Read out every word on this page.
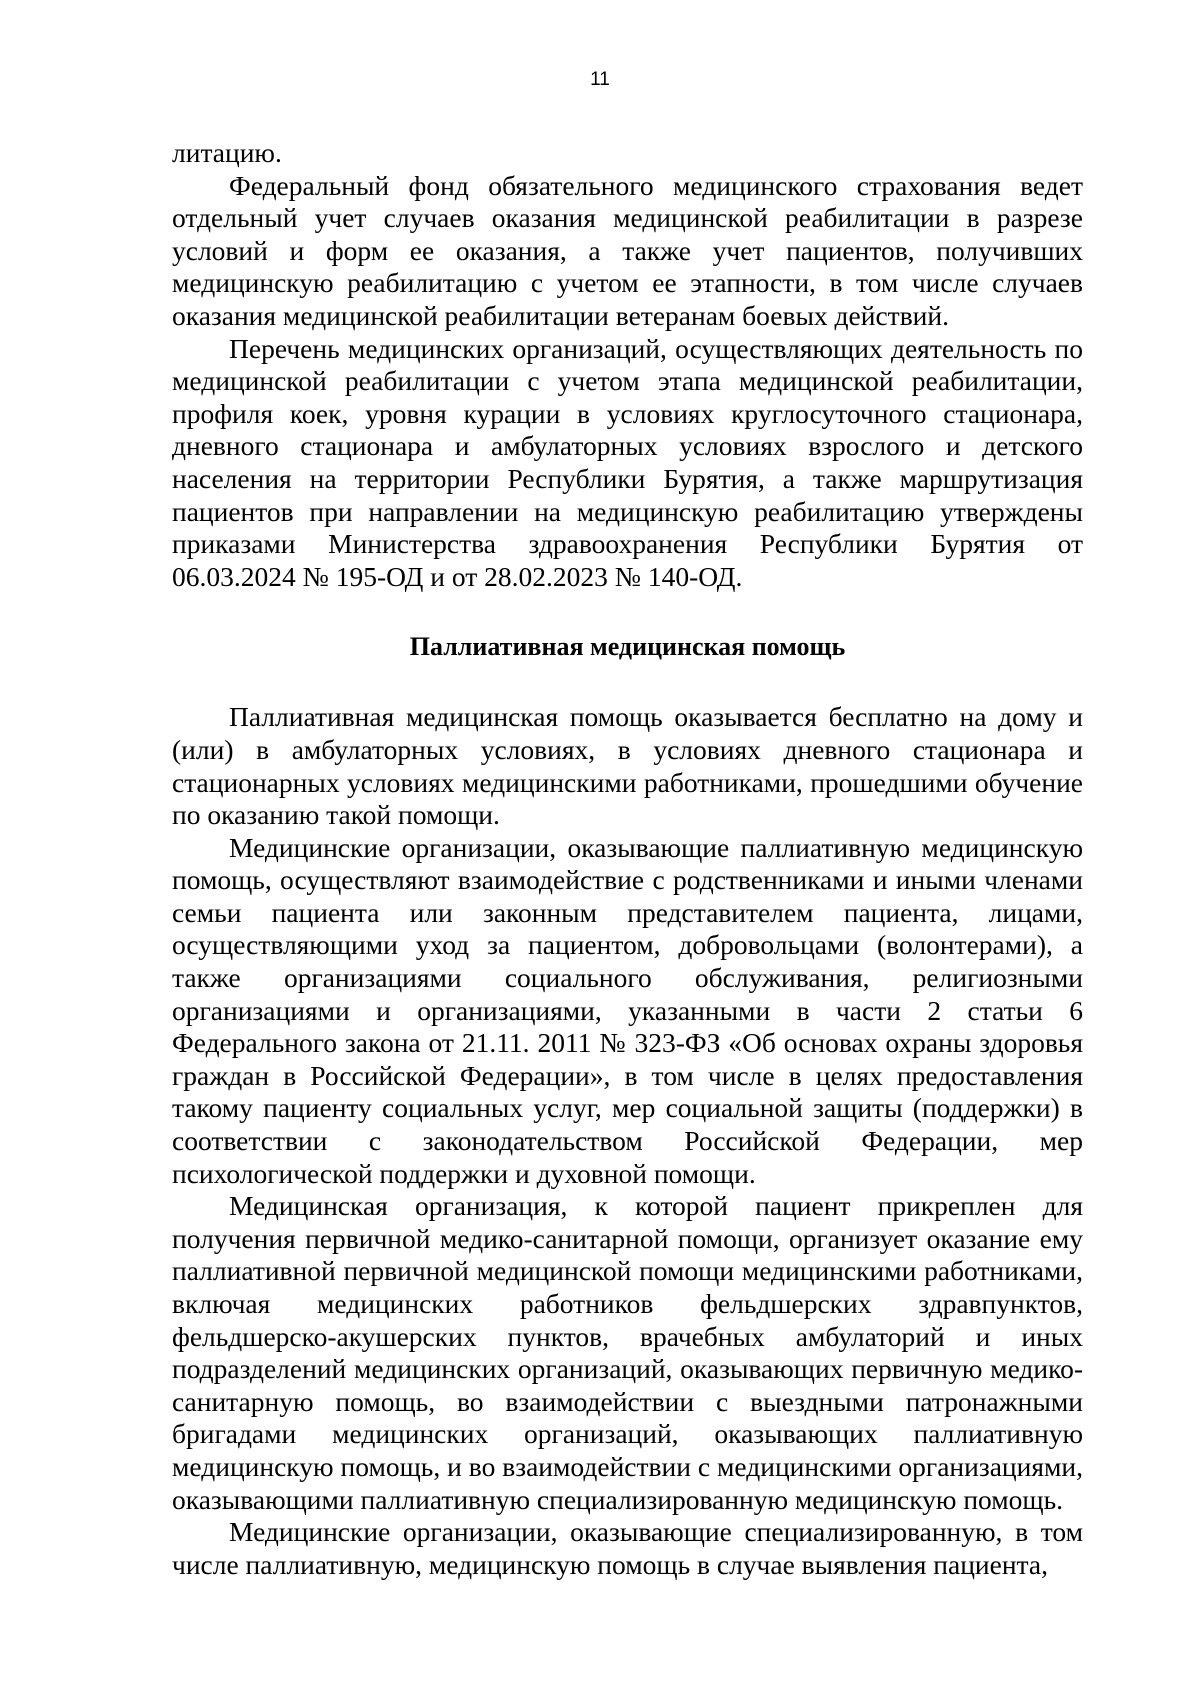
11

литацию.

Федеральный фонд обязательного медицинского страхования ведет отдельный учет случаев оказания медицинской реабилитации в разрезе условий и форм ее оказания, а также учет пациентов, получивших медицинскую реабилитацию с учетом ее этапности, в том числе случаев оказания медицинской реабилитации ветеранам боевых действий.

Перечень медицинских организаций, осуществляющих деятельность по медицинской реабилитации с учетом этапа медицинской реабилитации, профиля коек, уровня курации в условиях круглосуточного стационара, дневного стационара и амбулаторных условиях взрослого и детского населения на территории Республики Бурятия, а также маршрутизация пациентов при направлении на медицинскую реабилитацию утверждены приказами Министерства здравоохранения Республики Бурятия от 06.03.2024 № 195-ОД и от 28.02.2023 № 140-ОД.

Паллиативная медицинская помощь

Паллиативная медицинская помощь оказывается бесплатно на дому и (или) в амбулаторных условиях, в условиях дневного стационара и стационарных условиях медицинскими работниками, прошедшими обучение по оказанию такой помощи.

Медицинские организации, оказывающие паллиативную медицинскую помощь, осуществляют взаимодействие с родственниками и иными членами семьи пациента или законным представителем пациента, лицами, осуществляющими уход за пациентом, добровольцами (волонтерами), а также организациями социального обслуживания, религиозными организациями и организациями, указанными в части 2 статьи 6 Федерального закона от 21.11. 2011 № 323-ФЗ «Об основах охраны здоровья граждан в Российской Федерации», в том числе в целях предоставления такому пациенту социальных услуг, мер социальной защиты (поддержки) в соответствии с законодательством Российской Федерации, мер психологической поддержки и духовной помощи.

Медицинская организация, к которой пациент прикреплен для получения первичной медико-санитарной помощи, организует оказание ему паллиативной первичной медицинской помощи медицинскими работниками, включая медицинских работников фельдшерских здравпунктов, фельдшерско-акушерских пунктов, врачебных амбулаторий и иных подразделений медицинских организаций, оказывающих первичную медико-санитарную помощь, во взаимодействии с выездными патронажными бригадами медицинских организаций, оказывающих паллиативную медицинскую помощь, и во взаимодействии с медицинскими организациями, оказывающими паллиативную специализированную медицинскую помощь.

Медицинские организации, оказывающие специализированную, в том числе паллиативную, медицинскую помощь в случае выявления пациента,
